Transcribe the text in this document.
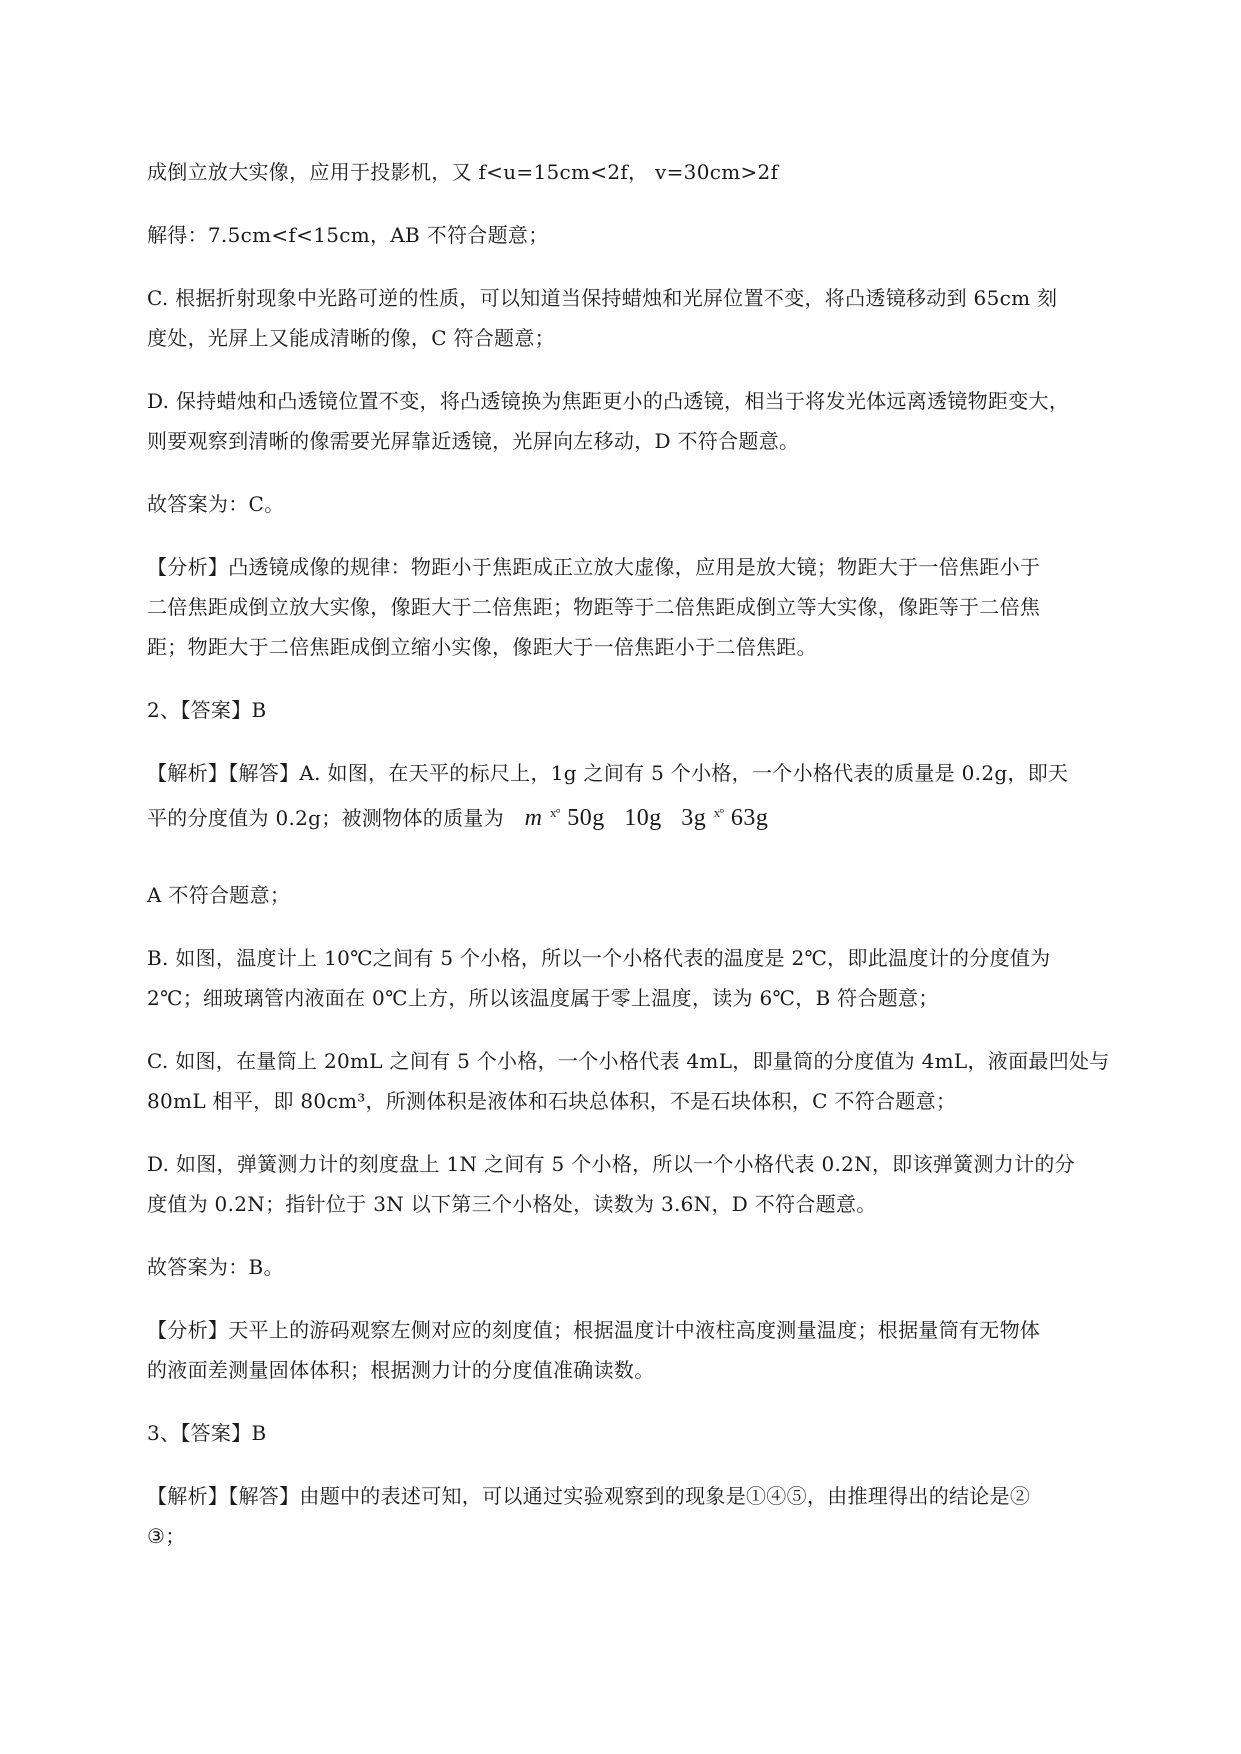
成倒立放大实像，应用于投影机，又 f<u=15cm<2f， v=30cm>2f

解得：7.5cm<f<15cm，AB 不符合题意；

C. 根据折射现象中光路可逆的性质，可以知道当保持蜡烛和光屏位置不变，将凸透镜移动到 65cm 刻
度处，光屏上又能成清晰的像，C 符合题意；

D. 保持蜡烛和凸透镜位置不变，将凸透镜换为焦距更小的凸透镜，相当于将发光体远离透镜物距变大，
则要观察到清晰的像需要光屏靠近透镜，光屏向左移动，D 不符合题意。

故答案为：C。

【分析】凸透镜成像的规律：物距小于焦距成正立放大虚像，应用是放大镜；物距大于一倍焦距小于
二倍焦距成倒立放大实像，像距大于二倍焦距；物距等于二倍焦距成倒立等大实像，像距等于二倍焦
距；物距大于二倍焦距成倒立缩小实像，像距大于一倍焦距小于二倍焦距。

2、【答案】B

【解析】【解答】A. 如图，在天平的标尺上，1g 之间有 5 个小格，一个小格代表的质量是 0.2g，即天
平的分度值为 0.2g；被测物体的质量为 m $^{x^\circ}$ 50g   10g   3g $^{x^\circ}$ 63g

A 不符合题意；

B. 如图，温度计上 10℃之间有 5 个小格，所以一个小格代表的温度是 2℃，即此温度计的分度值为
2℃；细玻璃管内液面在 0℃上方，所以该温度属于零上温度，读为 6℃，B 符合题意；

C. 如图，在量筒上 20mL 之间有 5 个小格，一个小格代表 4mL，即量筒的分度值为 4mL，液面最凹处与
80mL 相平，即 80cm³，所测体积是液体和石块总体积，不是石块体积，C 不符合题意；

D. 如图，弹簧测力计的刻度盘上 1N 之间有 5 个小格，所以一个小格代表 0.2N，即该弹簧测力计的分
度值为 0.2N；指针位于 3N 以下第三个小格处，读数为 3.6N，D 不符合题意。

故答案为：B。

【分析】天平上的游码观察左侧对应的刻度值；根据温度计中液柱高度测量温度；根据量筒有无物体
的液面差测量固体体积；根据测力计的分度值准确读数。

3、【答案】B

【解析】【解答】由题中的表述可知，可以通过实验观察到的现象是①④⑤，由推理得出的结论是②
③；
